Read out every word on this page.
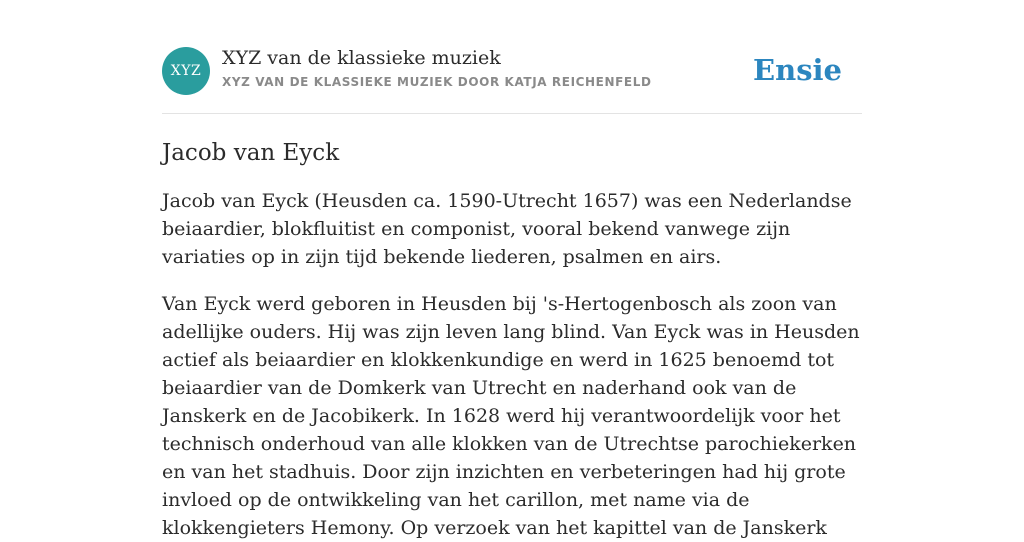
XYZ
XYZ van de klassieke muziek
XYZ VAN DE KLASSIEKE MUZIEK DOOR KATJA REICHENFELD	Ensie
Jacob van Eyck

Jacob van Eyck (Heusden ca. 1590-Utrecht 1657) was een Nederlandse beiaardier, blokfluitist en componist, vooral bekend vanwege zijn variaties op in zijn tijd bekende liederen, psalmen en airs.

Van Eyck werd geboren in Heusden bij 's-Hertogenbosch als zoon van adellijke ouders. Hij was zijn leven lang blind. Van Eyck was in Heusden actief als beiaardier en klokkenkundige en werd in 1625 benoemd tot beiaardier van de Domkerk van Utrecht en naderhand ook van de Janskerk en de Jacobikerk. In 1628 werd hij verantwoordelijk voor het technisch onderhoud van alle klokken van de Utrechtse parochiekerken en van het stadhuis. Door zijn inzichten en verbeteringen had hij grote invloed op de ontwikkeling van het carillon, met name via de klokkengieters Hemony. Op verzoek van het kapittel van de Janskerk
